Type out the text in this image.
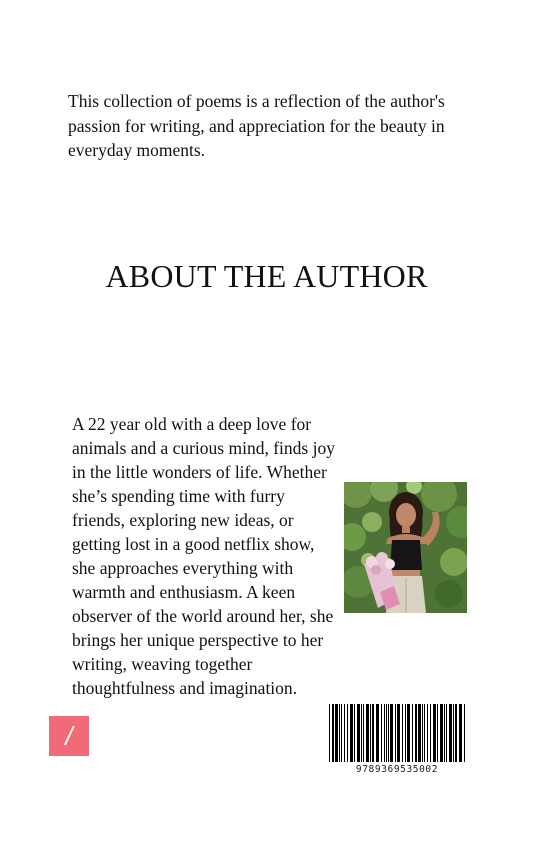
This collection of poems is a reflection of the author's passion for writing, and appreciation for the beauty in everyday moments.

ABOUT THE AUTHOR

A 22 year old with a deep love for
animals and a curious mind, finds joy
in the little wonders of life. Whether
she’s spending time with furry
friends, exploring new ideas, or
getting lost in a good netflix show,
she approaches everything with
warmth and enthusiasm. A keen
observer of the world around her, she
brings her unique perspective to her
writing, weaving together
thoughtfulness and imagination.

/
9789369535002
